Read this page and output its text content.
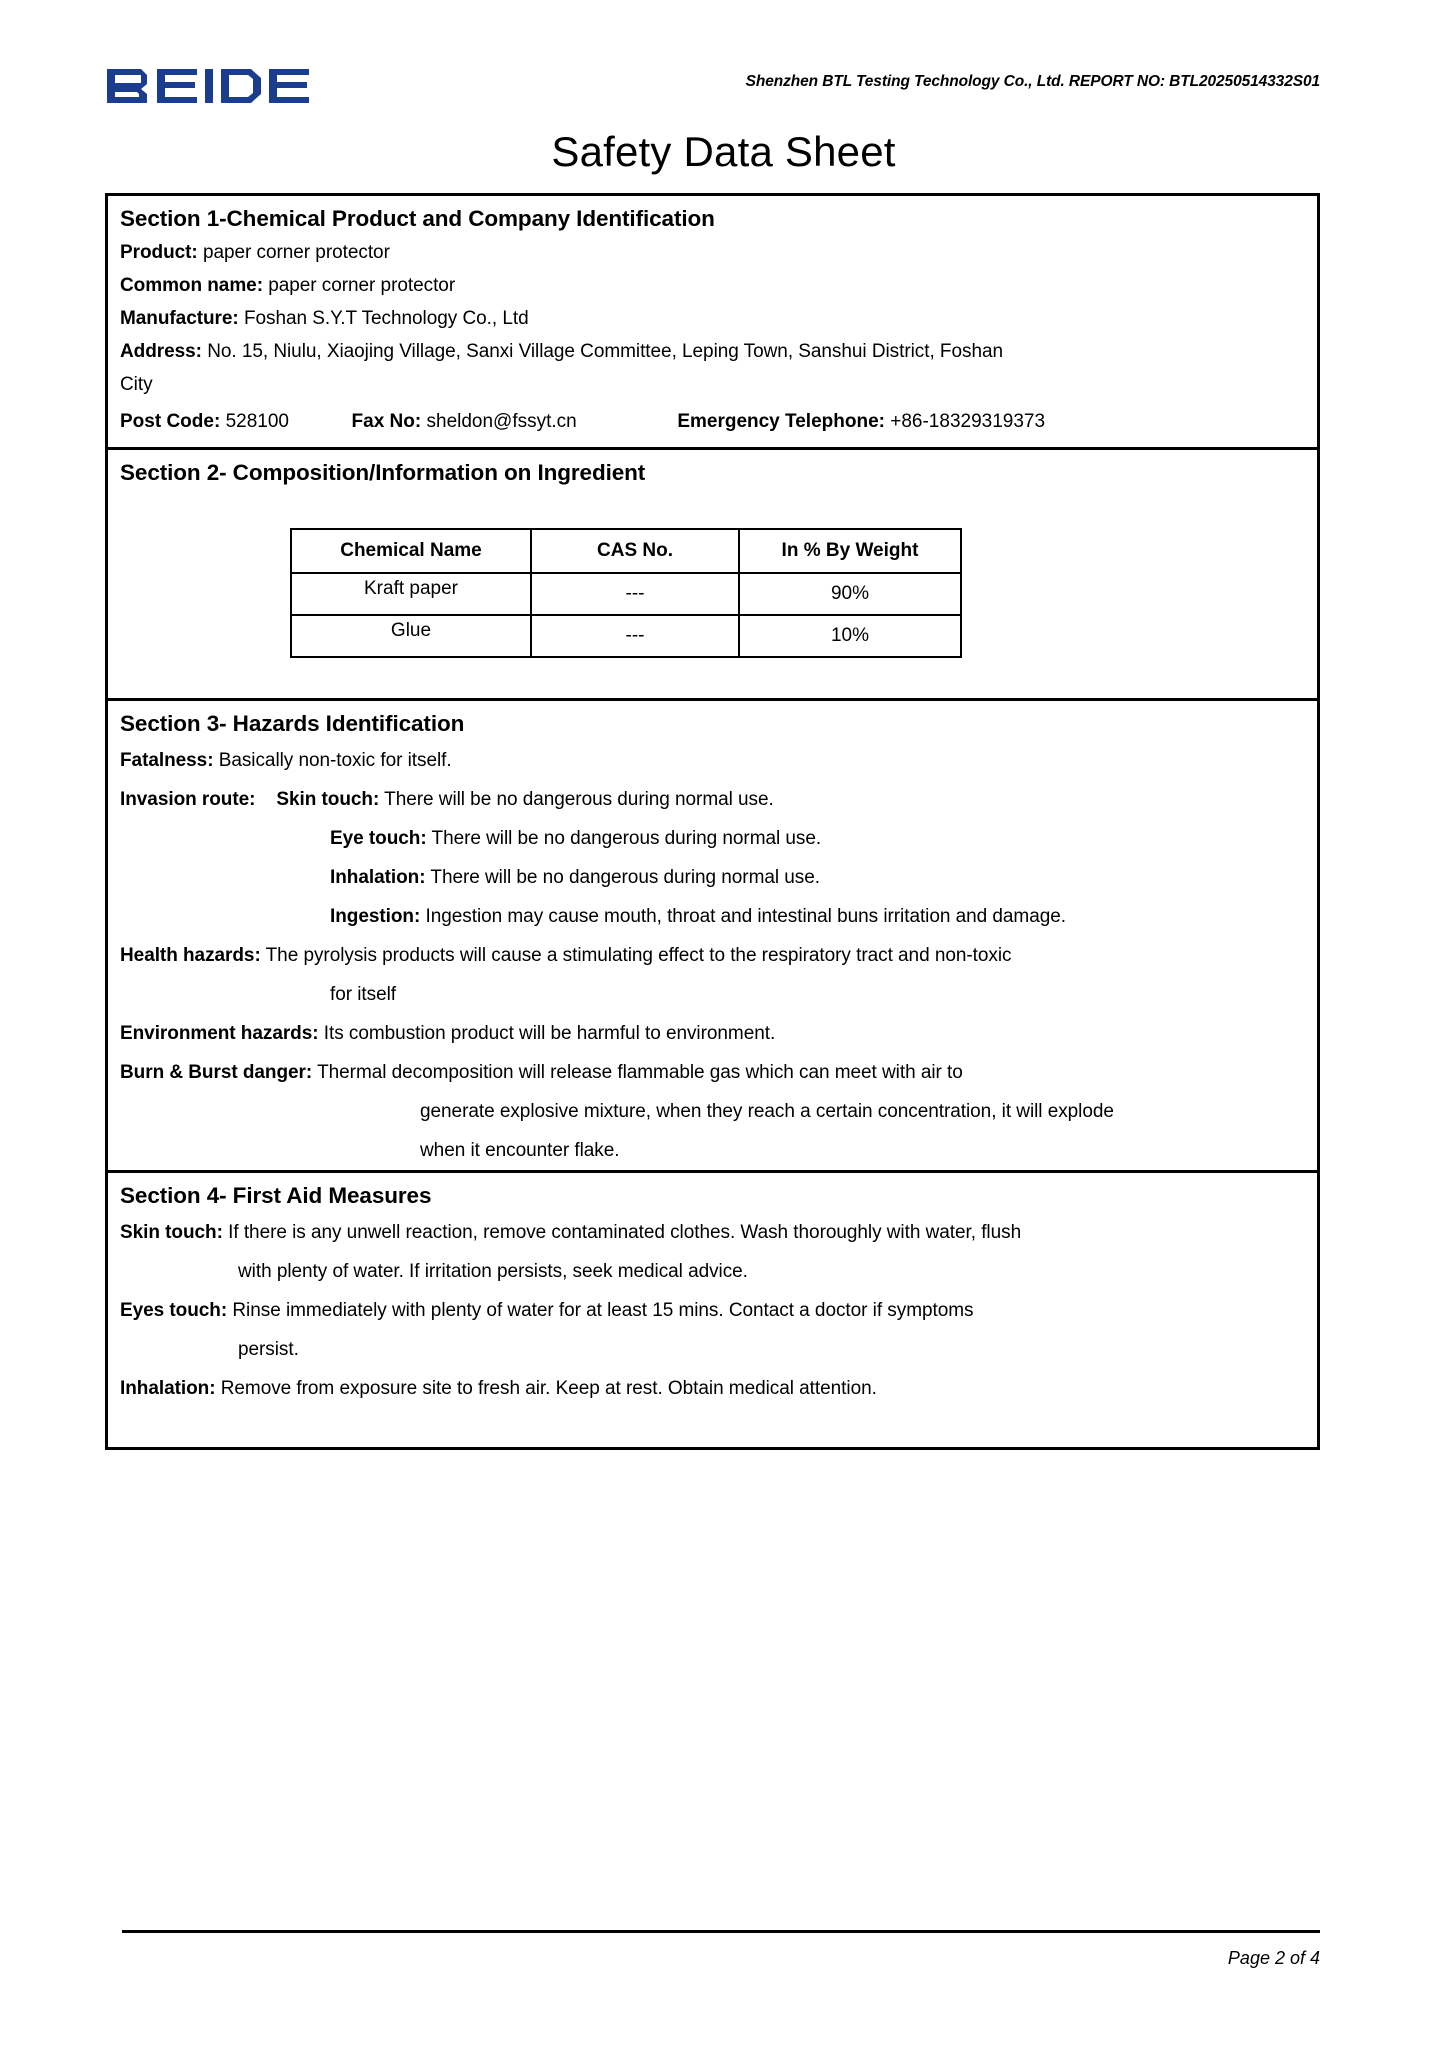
Shenzhen BTL Testing Technology Co., Ltd. REPORT NO: BTL20250514332S01
Safety Data Sheet
Section 1-Chemical Product and Company Identification
Product: paper corner protector
Common name: paper corner protector
Manufacture: Foshan S.Y.T Technology Co., Ltd
Address: No. 15, Niulu, Xiaojing Village, Sanxi Village Committee, Leping Town, Sanshui District, Foshan
City
Post Code: 528100	Fax No: sheldon@fssyt.cn	Emergency Telephone: +86-18329319373
Section 2- Composition/Information on Ingredient
Chemical Name	CAS No.	In % By Weight
Kraft paper	---	90%
Glue	---	10%
Section 3- Hazards Identification
Fatalness: Basically non-toxic for itself.
Invasion route: Skin touch: There will be no dangerous during normal use.
Eye touch: There will be no dangerous during normal use.
Inhalation: There will be no dangerous during normal use.
Ingestion: Ingestion may cause mouth, throat and intestinal buns irritation and damage.
Health hazards: The pyrolysis products will cause a stimulating effect to the respiratory tract and non-toxic
for itself
Environment hazards: Its combustion product will be harmful to environment.
Burn & Burst danger: Thermal decomposition will release flammable gas which can meet with air to
generate explosive mixture, when they reach a certain concentration, it will explode
when it encounter flake.
Section 4- First Aid Measures
Skin touch: If there is any unwell reaction, remove contaminated clothes. Wash thoroughly with water, flush
with plenty of water. If irritation persists, seek medical advice.
Eyes touch: Rinse immediately with plenty of water for at least 15 mins. Contact a doctor if symptoms
persist.
Inhalation: Remove from exposure site to fresh air. Keep at rest. Obtain medical attention.

Page 2 of 4
